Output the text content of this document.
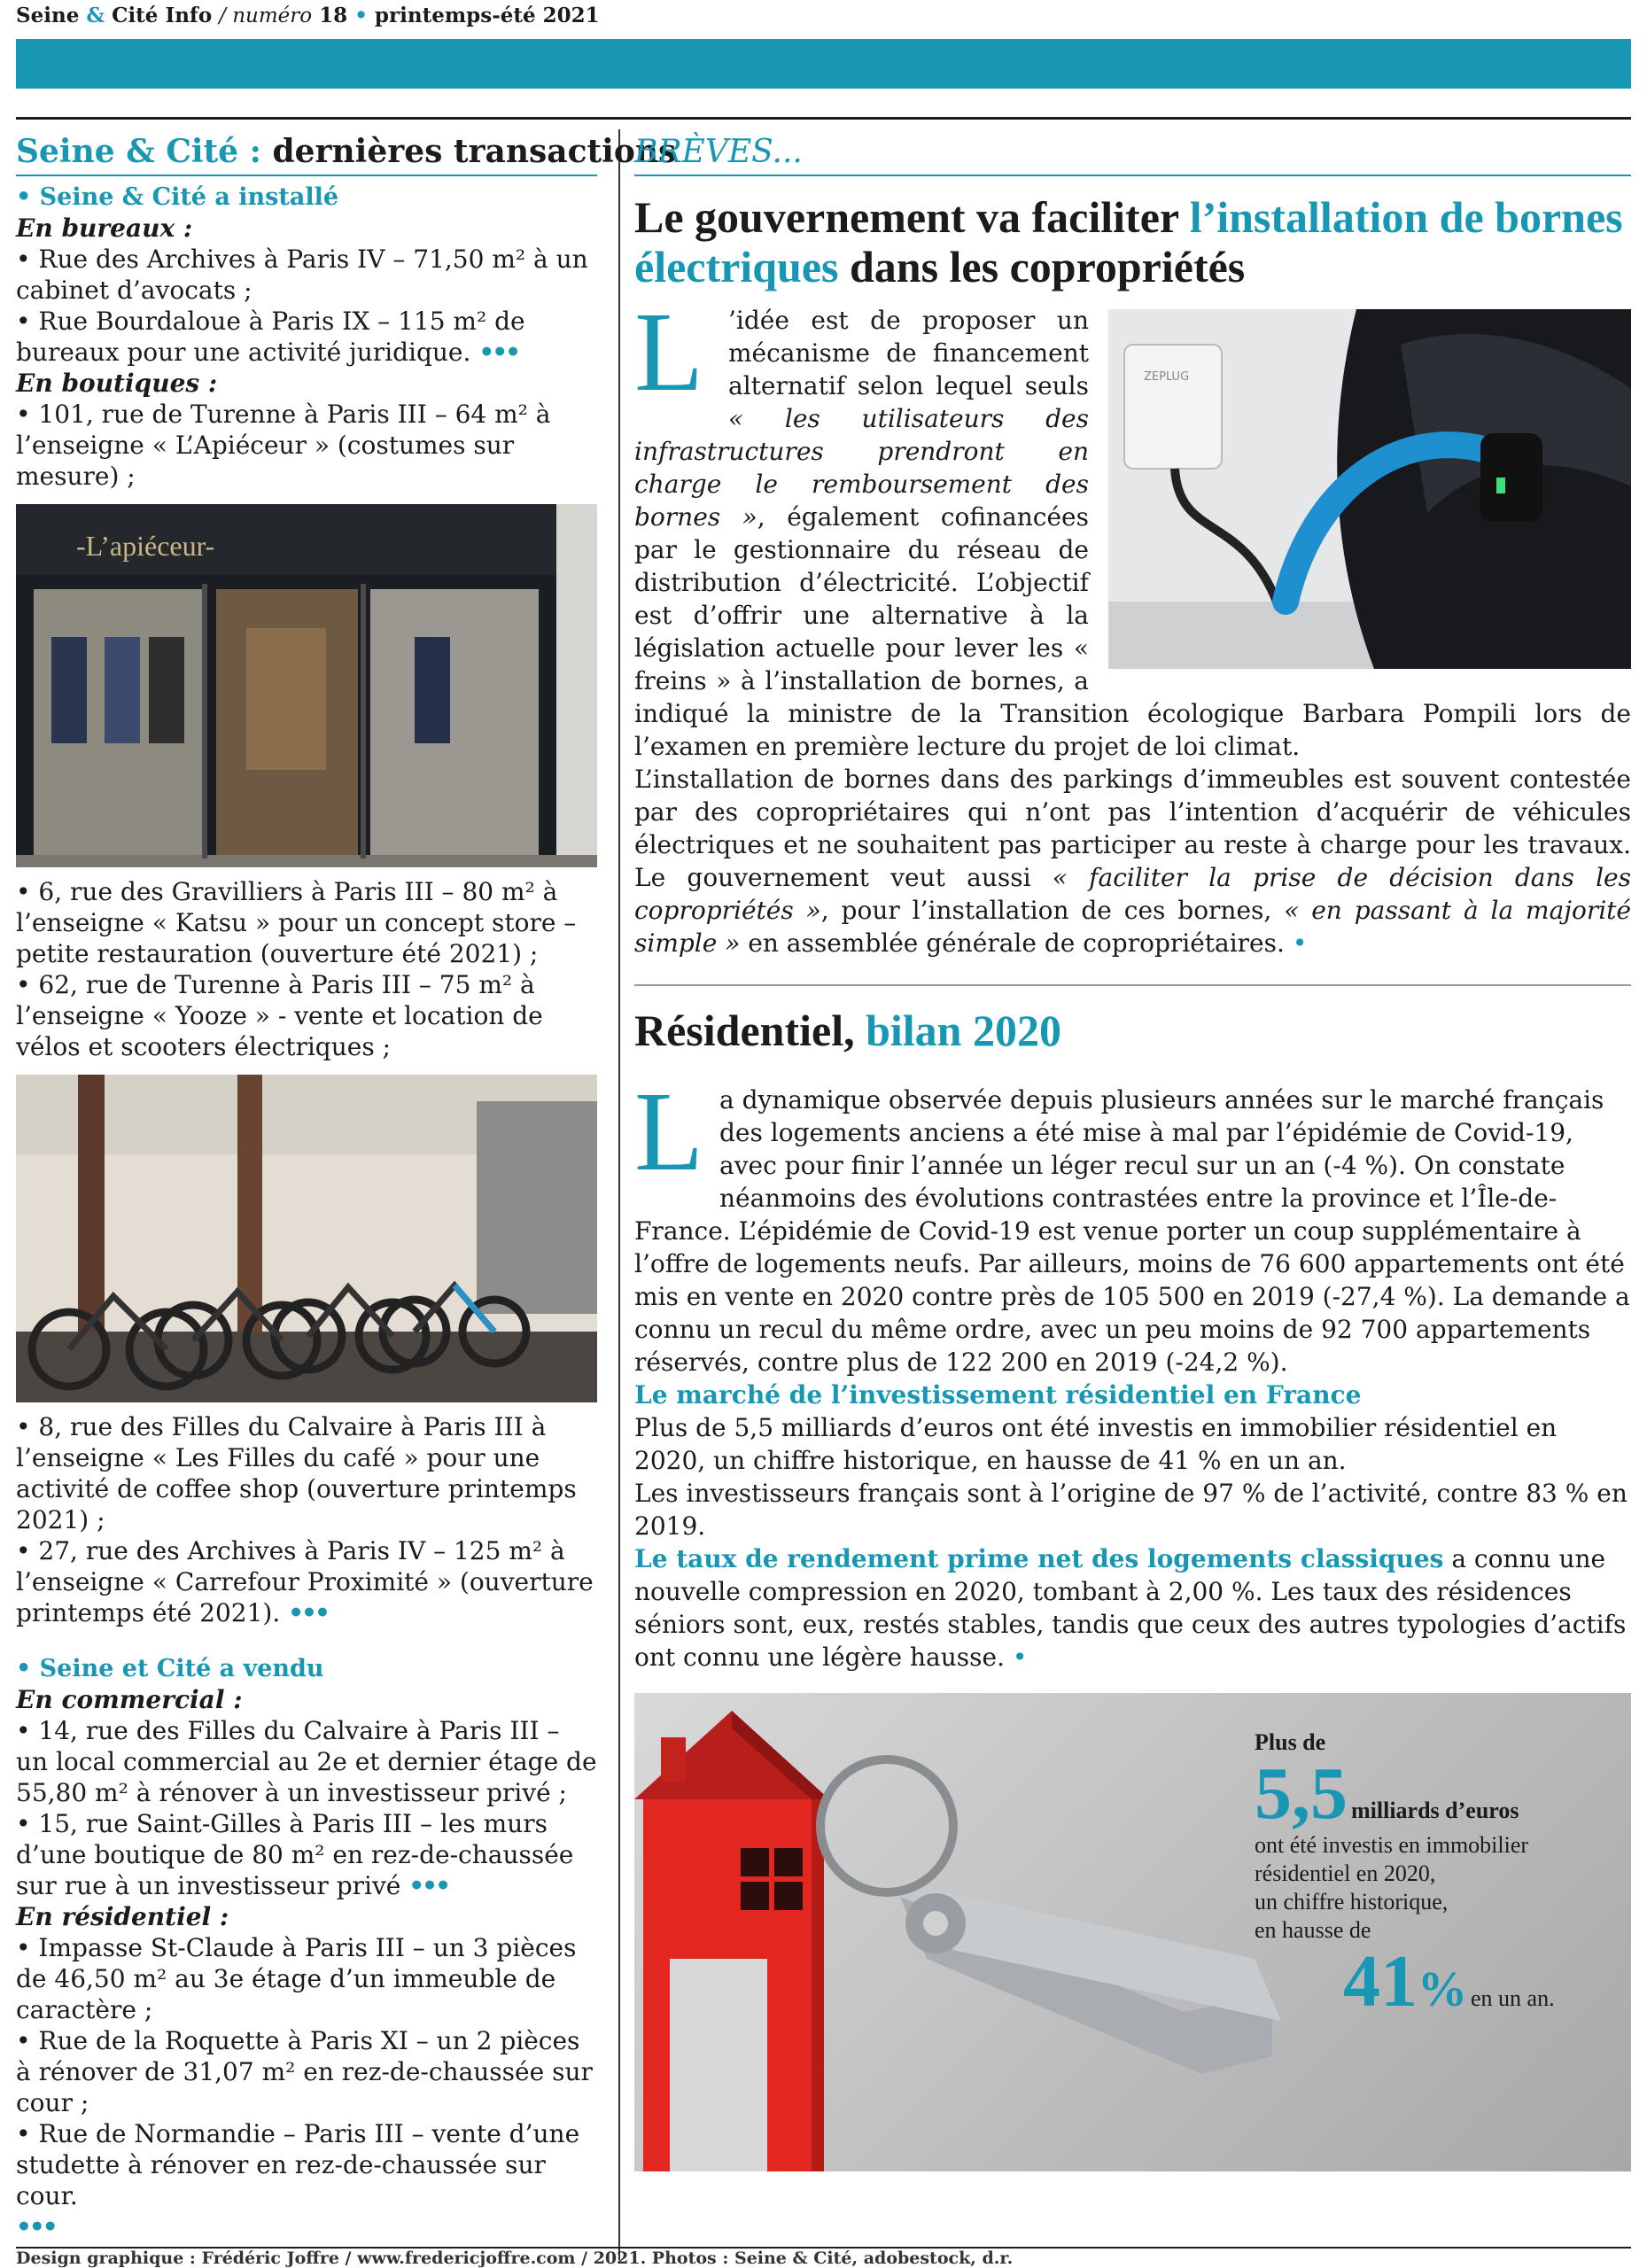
Seine & Cité Info / numéro 18 • printemps-été 2021
Seine & Cité : dernières transactions
• Seine & Cité a installé
En bureaux :
• Rue des Archives à Paris IV – 71,50 m² à un cabinet d’avocats ;
• Rue Bourdaloue à Paris IX – 115 m² de bureaux pour une activité juridique. •••
En boutiques :
• 101, rue de Turenne à Paris III – 64 m² à l’enseigne « L’Apiéceur » (costumes sur mesure) ;
-L’apiéceur-
• 6, rue des Gravilliers à Paris III – 80 m² à l’enseigne « Katsu » pour un concept store – petite restauration (ouverture été 2021) ;
• 62, rue de Turenne à Paris III – 75 m² à l’enseigne « Yooze » - vente et location de vélos et scooters électriques ;
• 8, rue des Filles du Calvaire à Paris III à l’enseigne « Les Filles du café » pour une activité de coffee shop (ouverture printemps 2021) ;
• 27, rue des Archives à Paris IV – 125 m² à l’enseigne « Carrefour Proximité » (ouverture printemps été 2021). •••
• Seine et Cité a vendu
En commercial :
• 14, rue des Filles du Calvaire à Paris III – un local commercial au 2e et dernier étage de 55,80 m² à rénover à un investisseur privé ;
• 15, rue Saint-Gilles à Paris III – les murs d’une boutique de 80 m² en rez-de-chaussée sur rue à un investisseur privé •••
En résidentiel :
• Impasse St-Claude à Paris III – un 3 pièces de 46,50 m² au 3e étage d’un immeuble de caractère ;
• Rue de la Roquette à Paris XI – un 2 pièces à rénover de 31,07 m² en rez-de-chaussée sur cour ;
• Rue de Normandie – Paris III – vente d’une studette à rénover en rez-de-chaussée sur cour.
•••
BRÈVES...
Le gouvernement va faciliter l’installation de bornes électriques dans les copropriétés
ZEPLUG
L ’idée est de proposer un mécanisme de financement alternatif selon lequel seuls « les utilisateurs des infrastructures prendront en charge le remboursement des bornes », également cofinancées par le gestionnaire du réseau de distribution d’électricité. L’objectif est d’offrir une alternative à la législation actuelle pour lever les « freins » à l’installation de bornes, a indiqué la ministre de la Transition écologique Barbara Pompili lors de l’examen en première lecture du projet de loi climat.

L’installation de bornes dans des parkings d’immeubles est souvent contestée par des copropriétaires qui n’ont pas l’intention d’acquérir de véhicules électriques et ne souhaitent pas participer au reste à charge pour les travaux. Le gouvernement veut aussi « faciliter la prise de décision dans les copropriétés », pour l’installation de ces bornes, « en passant à la majorité simple » en assemblée générale de copropriétaires. •

Résidentiel, bilan 2020
L a dynamique observée depuis plusieurs années sur le marché français des logements anciens a été mise à mal par l’épidémie de Covid-19, avec pour finir l’année un léger recul sur un an (-4 %). On constate néanmoins des évolutions contrastées entre la province et l’Île-de-France. L’épidémie de Covid-19 est venue porter un coup supplémentaire à l’offre de logements neufs. Par ailleurs, moins de 76 600 appartements ont été mis en vente en 2020 contre près de 105 500 en 2019 (-27,4 %). La demande a connu un recul du même ordre, avec un peu moins de 92 700 appartements réservés, contre plus de 122 200 en 2019 (-24,2 %).

Le marché de l’investissement résidentiel en France

Plus de 5,5 milliards d’euros ont été investis en immobilier résidentiel en 2020, un chiffre historique, en hausse de 41 % en un an.

Les investisseurs français sont à l’origine de 97 % de l’activité, contre 83 % en 2019.

Le taux de rendement prime net des logements classiques a connu une nouvelle compression en 2020, tombant à 2,00 %. Les taux des résidences séniors sont, eux, restés stables, tandis que ceux des autres typologies d’actifs ont connu une légère hausse. •

Plus de
5,5 milliards d’euros
ont été investis en immobilier
résidentiel en 2020,
un chiffre historique,
en hausse de
41% en un an.
Design graphique : Frédéric Joffre / www.fredericjoffre.com / 2021. Photos : Seine & Cité, adobestock, d.r.
